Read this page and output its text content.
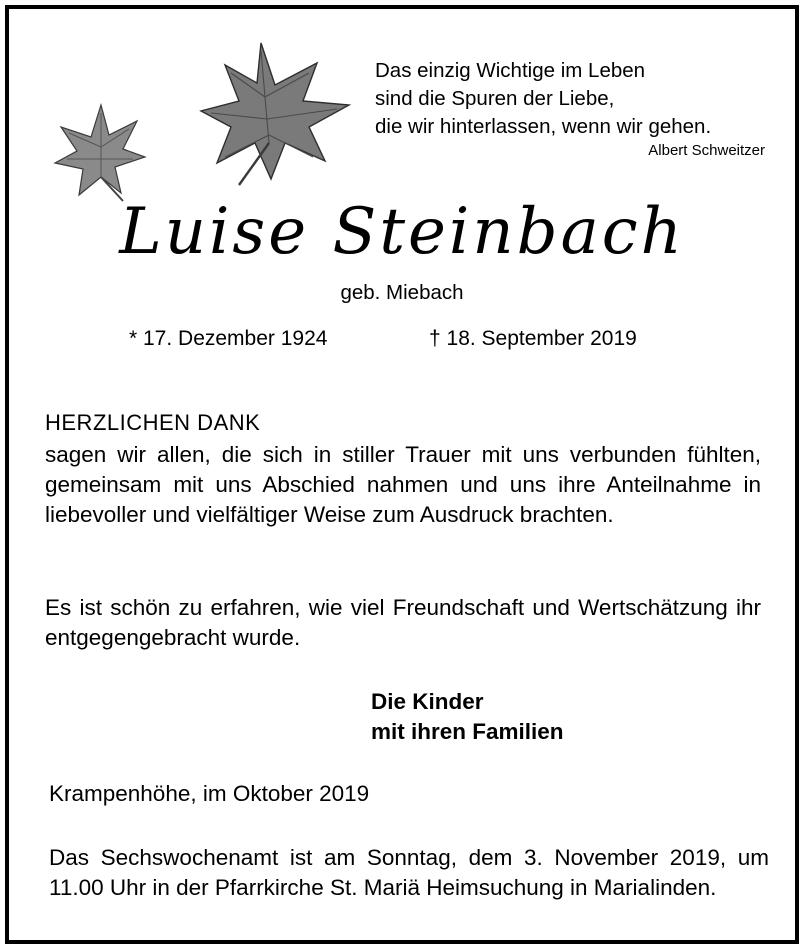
Das einzig Wichtige im Leben
sind die Spuren der Liebe,
die wir hinterlassen, wenn wir gehen.
Albert Schweitzer
Luise Steinbach
geb. Miebach
* 17. Dezember 1924	† 18. September 2019
HERZLICHEN DANK
sagen wir allen, die sich in stiller Trauer mit uns verbunden fühlten, gemeinsam mit uns Abschied nahmen und uns ihre Anteilnahme in liebevoller und vielfältiger Weise zum Ausdruck brachten.
Es ist schön zu erfahren, wie viel Freundschaft und Wertschätzung ihr entgegengebracht wurde.
Die Kinder
mit ihren Familien
Krampenhöhe, im Oktober 2019
Das Sechswochenamt ist am Sonntag, dem 3. November 2019, um 11.00 Uhr in der Pfarrkirche St. Mariä Heimsuchung in Marialinden.
